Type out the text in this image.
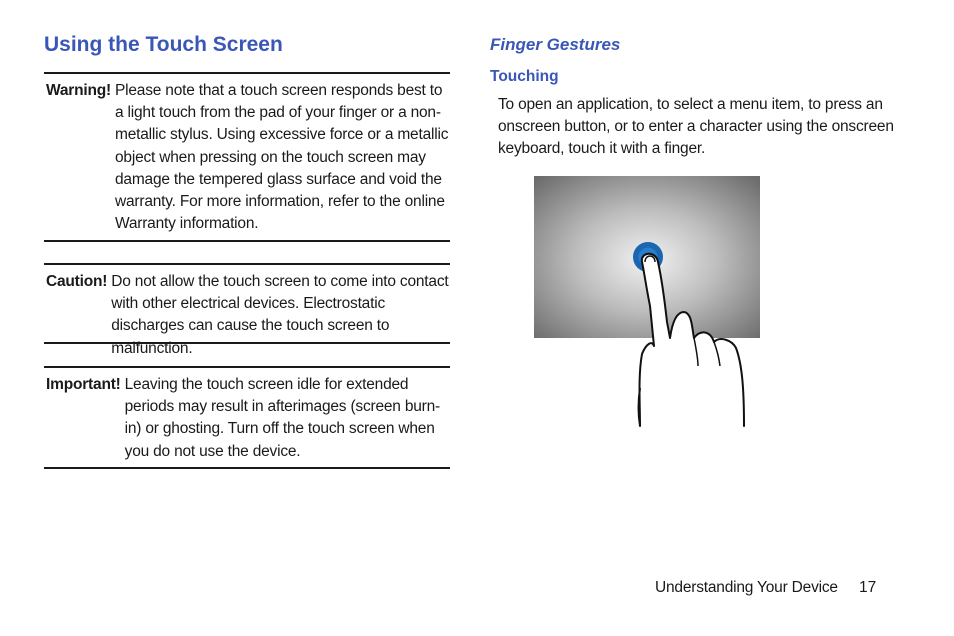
Using the Touch Screen
Warning! Please note that a touch screen responds best to a light touch from the pad of your finger or a non-metallic stylus. Using excessive force or a metallic object when pressing on the touch screen may damage the tempered glass surface and void the warranty. For more information, refer to the online Warranty information.
Caution! Do not allow the touch screen to come into contact with other electrical devices. Electrostatic discharges can cause the touch screen to malfunction.
Important! Leaving the touch screen idle for extended periods may result in afterimages (screen burn-in) or ghosting. Turn off the touch screen when you do not use the device.
Finger Gestures
Touching

To open an application, to select a menu item, to press an onscreen button, or to enter a character using the onscreen keyboard, touch it with a finger.

Understanding Your Device 17
